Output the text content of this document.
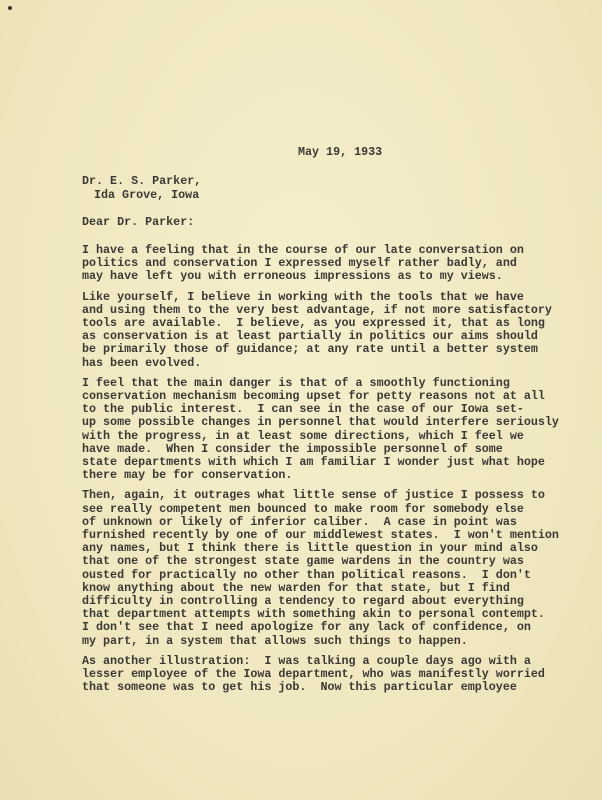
May 19, 1933
Dr. E. S. Parker,
Ida Grove, Iowa
Dear Dr. Parker:
I have a feeling that in the course of our late conversation on
politics and conservation I expressed myself rather badly, and
may have left you with erroneous impressions as to my views.
Like yourself, I believe in working with the tools that we have
and using them to the very best advantage, if not more satisfactory
tools are available.  I believe, as you expressed it, that as long
as conservation is at least partially in politics our aims should
be primarily those of guidance; at any rate until a better system
has been evolved.
I feel that the main danger is that of a smoothly functioning
conservation mechanism becoming upset for petty reasons not at all
to the public interest.  I can see in the case of our Iowa set-
up some possible changes in personnel that would interfere seriously
with the progress, in at least some directions, which I feel we
have made.  When I consider the impossible personnel of some
state departments with which I am familiar I wonder just what hope
there may be for conservation.
Then, again, it outrages what little sense of justice I possess to
see really competent men bounced to make room for somebody else
of unknown or likely of inferior caliber.  A case in point was
furnished recently by one of our middlewest states.  I won't mention
any names, but I think there is little question in your mind also
that one of the strongest state game wardens in the country was
ousted for practically no other than political reasons.  I don't
know anything about the new warden for that state, but I find
difficulty in controlling a tendency to regard about everything
that department attempts with something akin to personal contempt.
I don't see that I need apologize for any lack of confidence, on
my part, in a system that allows such things to happen.
As another illustration:  I was talking a couple days ago with a
lesser employee of the Iowa department, who was manifestly worried
that someone was to get his job.  Now this particular employee
